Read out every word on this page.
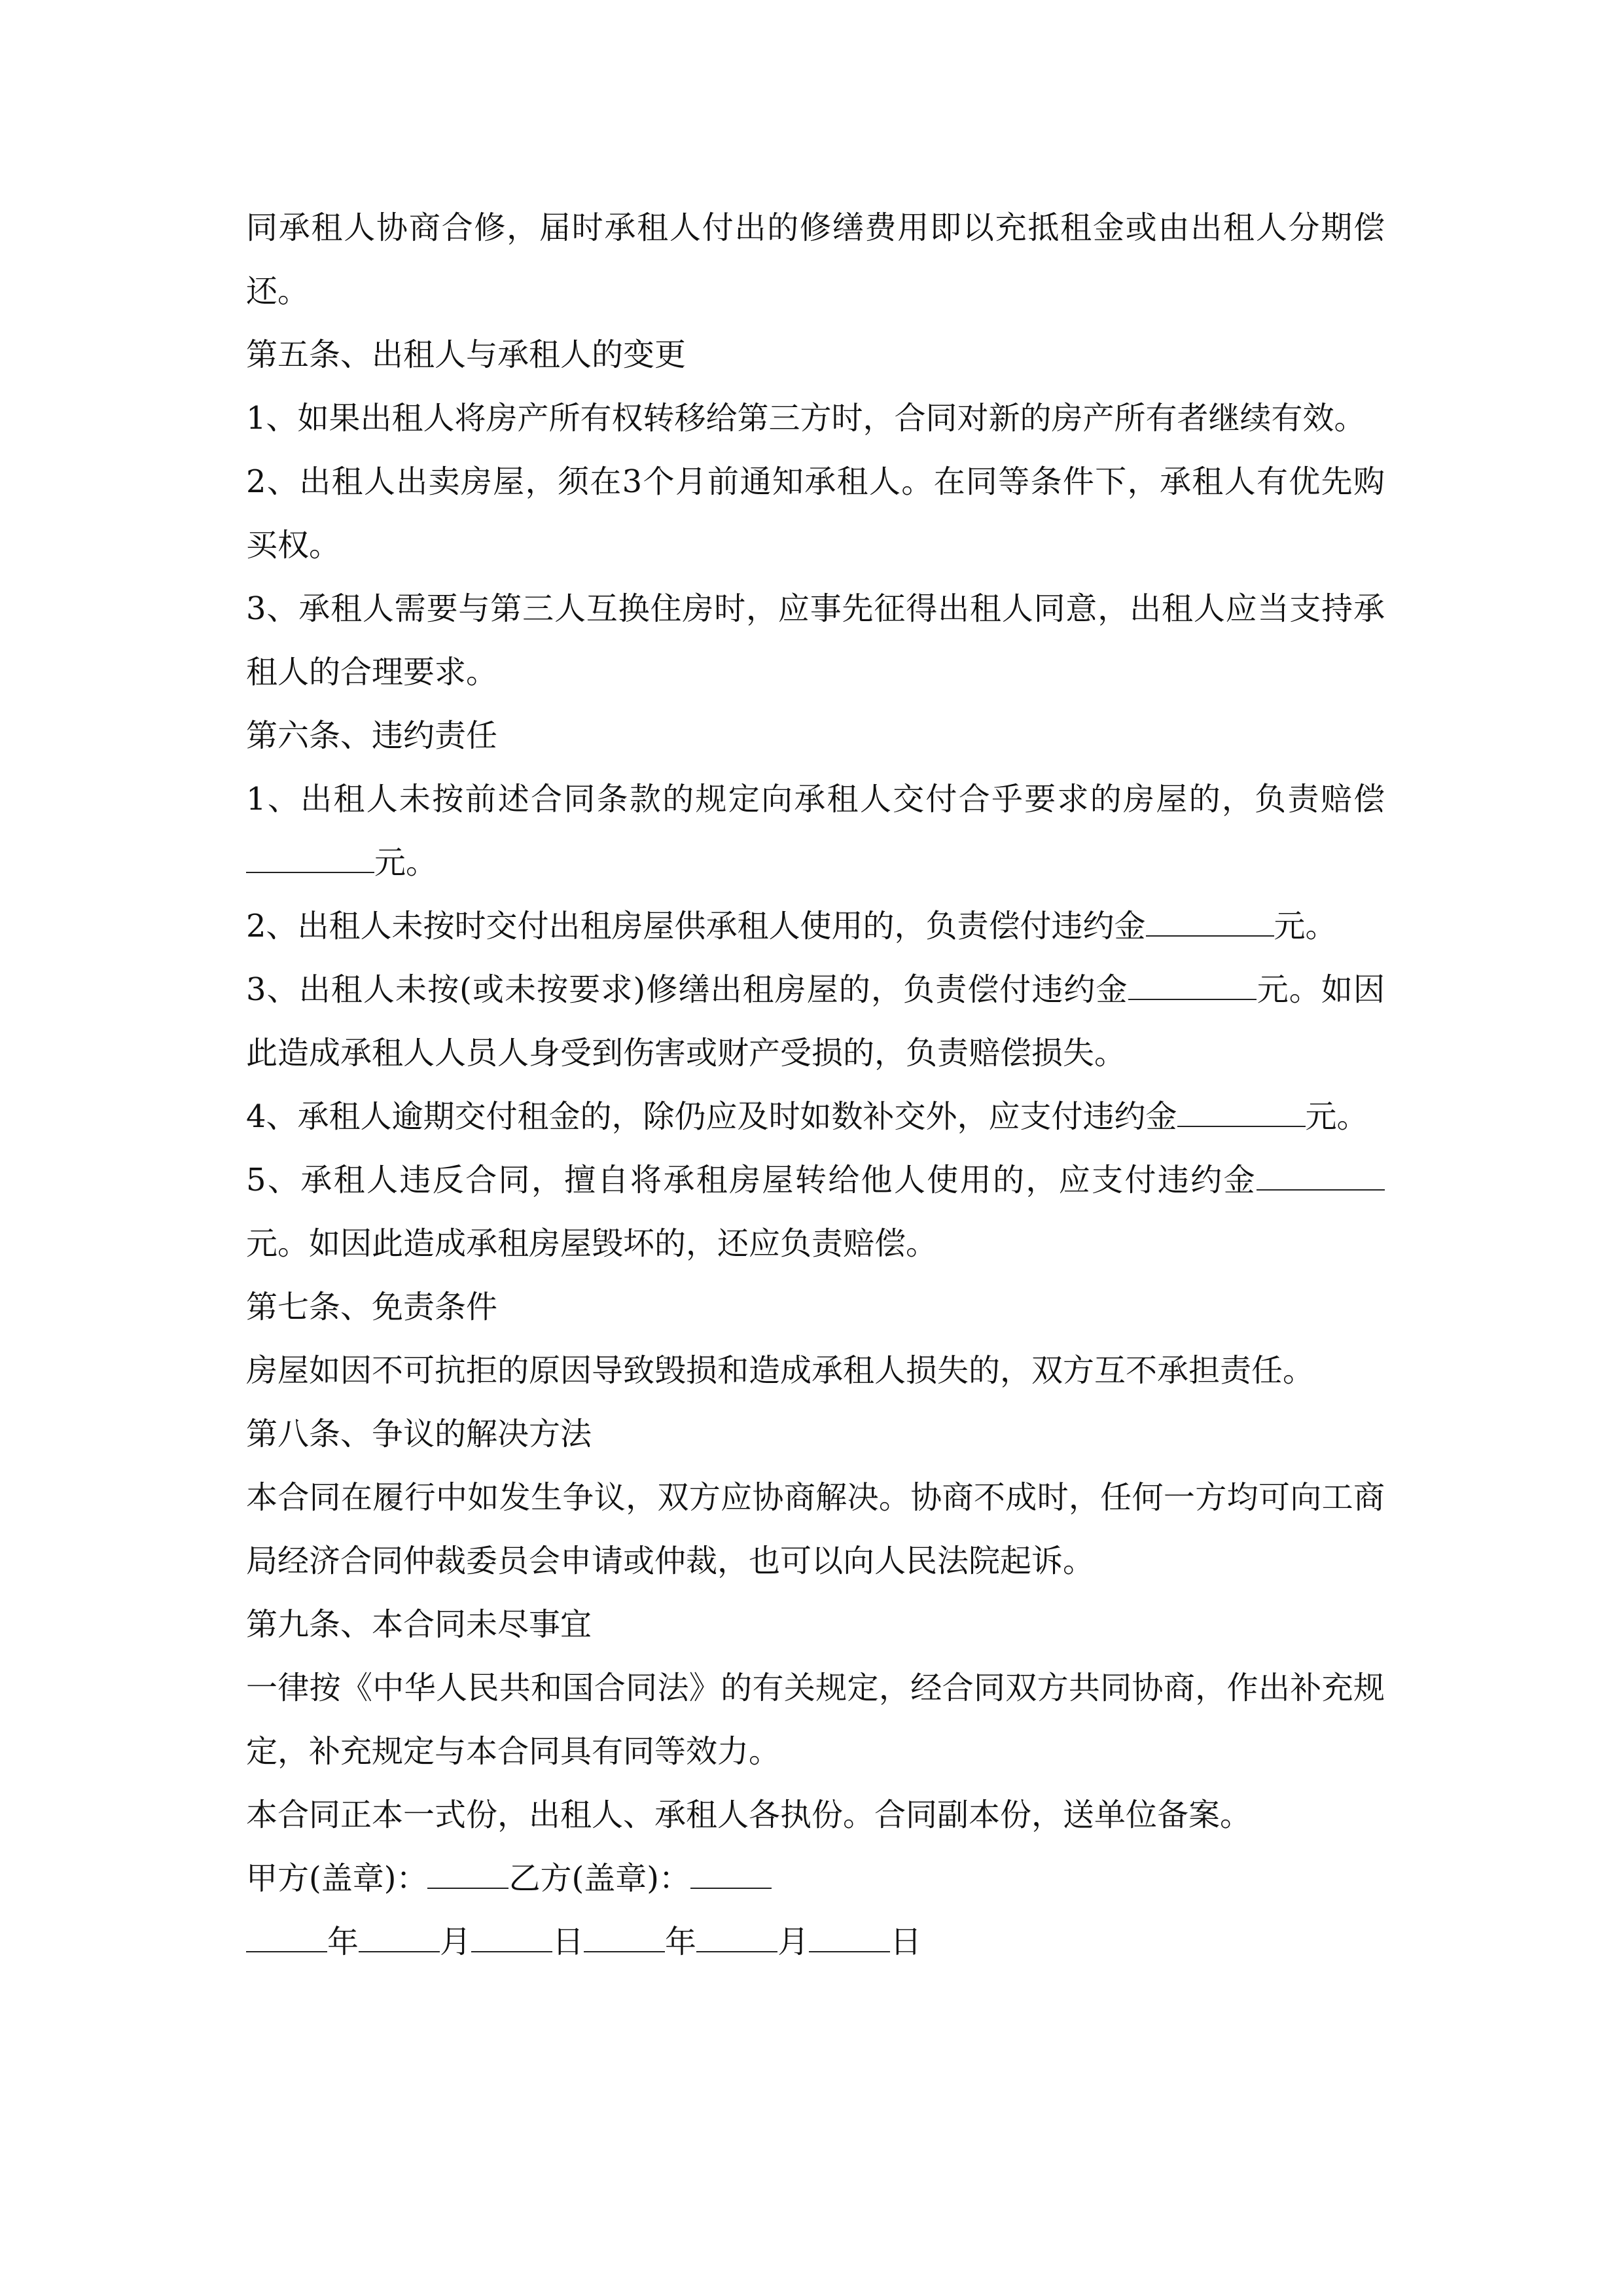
同承租人协商合修，届时承租人付出的修缮费用即以充抵租金或由出租人分期偿还。

第五条、出租人与承租人的变更

1、如果出租人将房产所有权转移给第三方时，合同对新的房产所有者继续有效。

2、出租人出卖房屋，须在3个月前通知承租人。在同等条件下，承租人有优先购买权。

3、承租人需要与第三人互换住房时，应事先征得出租人同意，出租人应当支持承租人的合理要求。

第六条、违约责任

1、出租人未按前述合同条款的规定向承租人交付合乎要求的房屋的，负责赔偿元。

2、出租人未按时交付出租房屋供承租人使用的，负责偿付违约金	元。

3、出租人未按(或未按要求)修缮出租房屋的，负责偿付违约金	元。如因此造成承租人人员人身受到伤害或财产受损的，负责赔偿损失。

4、承租人逾期交付租金的，除仍应及时如数补交外，应支付违约金	元。

5、承租人违反合同，擅自将承租房屋转给他人使用的，应支付违约金元。如因此造成承租房屋毁坏的，还应负责赔偿。

第七条、免责条件

房屋如因不可抗拒的原因导致毁损和造成承租人损失的，双方互不承担责任。

第八条、争议的解决方法

本合同在履行中如发生争议，双方应协商解决。协商不成时，任何一方均可向工商局经济合同仲裁委员会申请或仲裁，也可以向人民法院起诉。

第九条、本合同未尽事宜

一律按《中华人民共和国合同法》的有关规定，经合同双方共同协商，作出补充规定，补充规定与本合同具有同等效力。

本合同正本一式份，出租人、承租人各执份。合同副本份，送单位备案。

甲方(盖章)：	乙方(盖章)：

年	月	日	年	月	日
